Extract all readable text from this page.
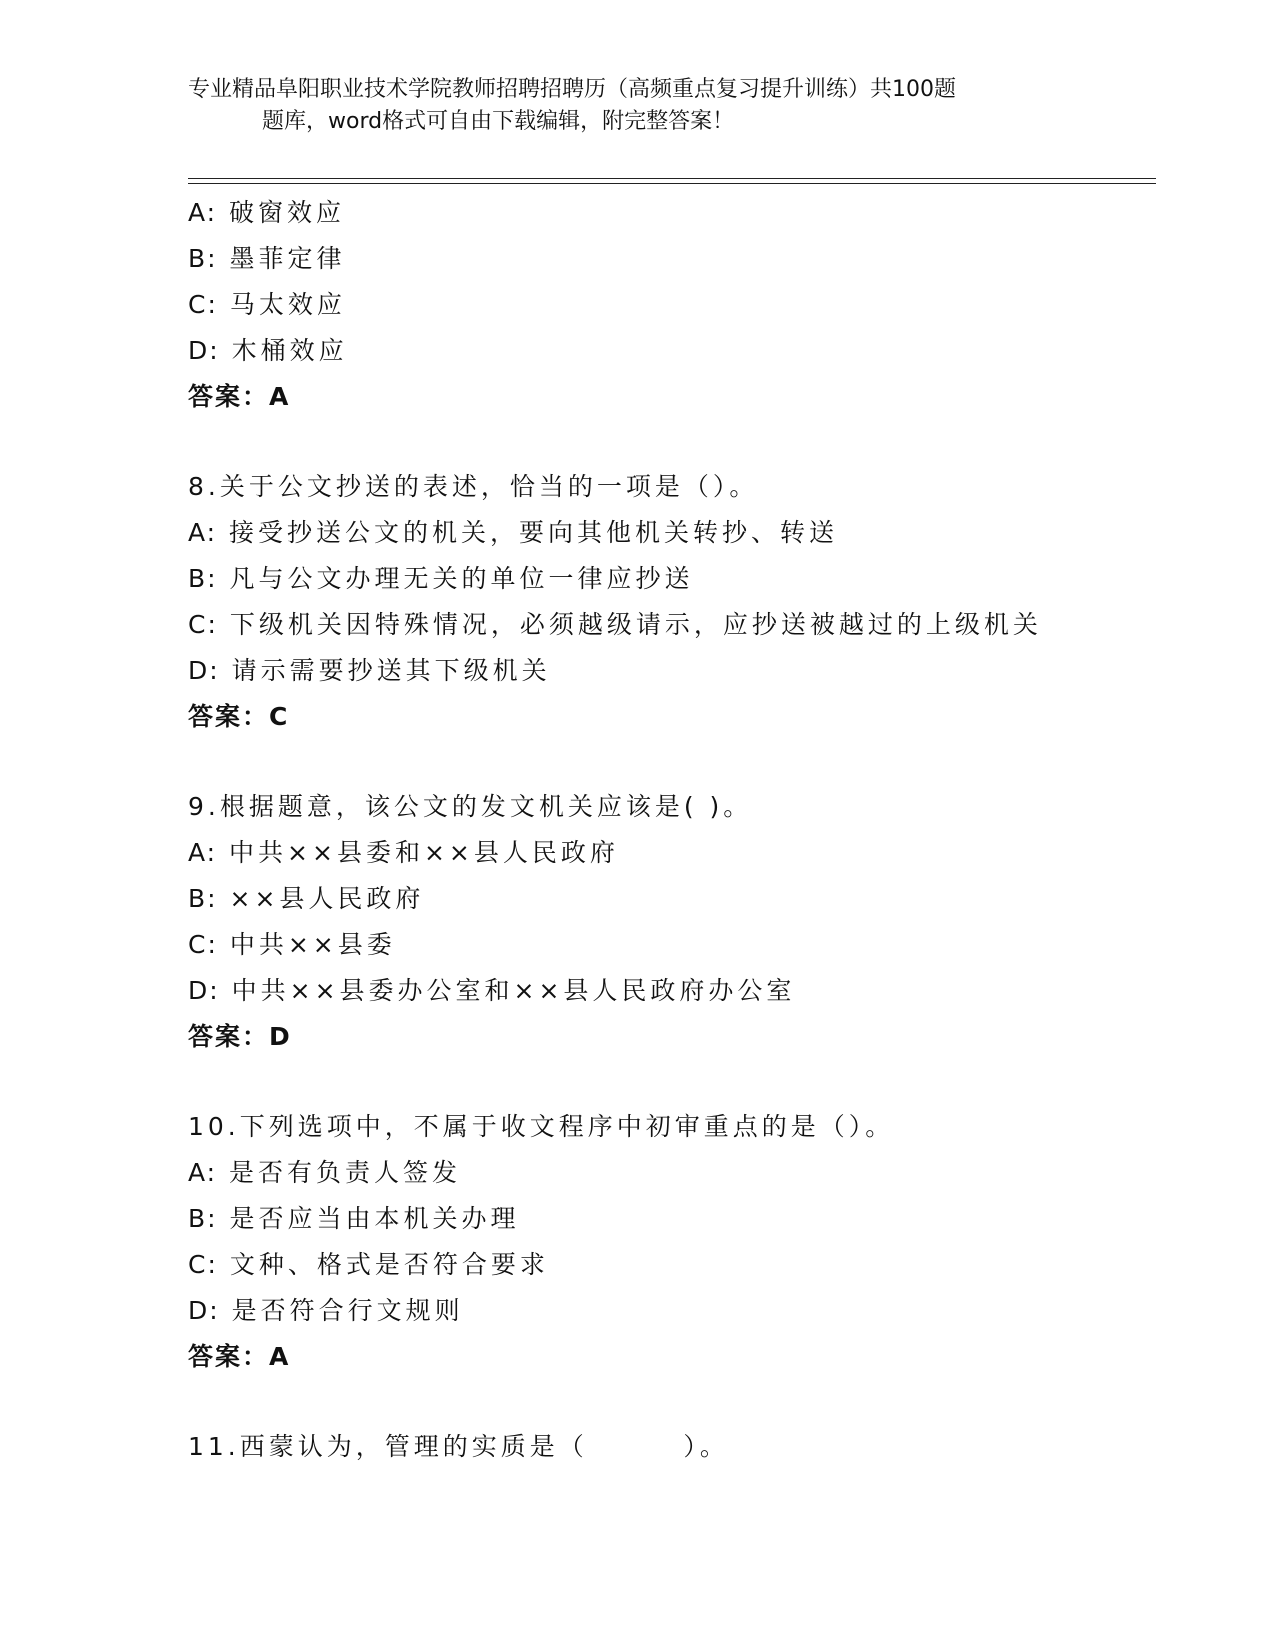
专业精品阜阳职业技术学院教师招聘招聘历（高频重点复习提升训练）共100题
题库，word格式可自由下载编辑，附完整答案！
A: 破窗效应
B: 墨菲定律
C: 马太效应
D: 木桶效应
答案：A
8.关于公文抄送的表述，恰当的一项是（）。
A: 接受抄送公文的机关，要向其他机关转抄、转送
B: 凡与公文办理无关的单位一律应抄送
C: 下级机关因特殊情况，必须越级请示，应抄送被越过的上级机关
D: 请示需要抄送其下级机关
答案：C
9.根据题意，该公文的发文机关应该是( )。
A: 中共××县委和××县人民政府
B: ××县人民政府
C: 中共××县委
D: 中共××县委办公室和××县人民政府办公室
答案：D
10.下列选项中，不属于收文程序中初审重点的是（）。
A: 是否有负责人签发
B: 是否应当由本机关办理
C: 文种、格式是否符合要求
D: 是否符合行文规则
答案：A
11.西蒙认为，管理的实质是（        ）。
